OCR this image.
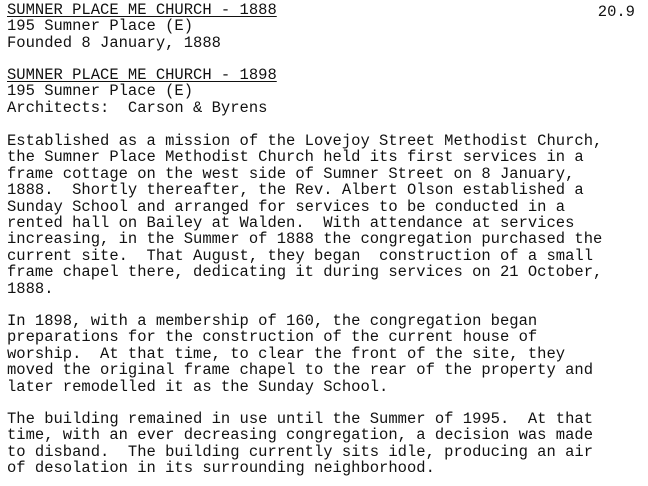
20.9
SUMNER PLACE ME CHURCH - 1888
195 Sumner Place (E)
Founded 8 January, 1888
SUMNER PLACE ME CHURCH - 1898
195 Sumner Place (E)
Architects:  Carson & Byrens
Established as a mission of the Lovejoy Street Methodist Church,
the Sumner Place Methodist Church held its first services in a
frame cottage on the west side of Sumner Street on 8 January,
1888.  Shortly thereafter, the Rev. Albert Olson established a
Sunday School and arranged for services to be conducted in a
rented hall on Bailey at Walden.  With attendance at services
increasing, in the Summer of 1888 the congregation purchased the
current site.  That August, they began  construction of a small
frame chapel there, dedicating it during services on 21 October,
1888.
In 1898, with a membership of 160, the congregation began
preparations for the construction of the current house of
worship.  At that time, to clear the front of the site, they
moved the original frame chapel to the rear of the property and
later remodelled it as the Sunday School.
The building remained in use until the Summer of 1995.  At that
time, with an ever decreasing congregation, a decision was made
to disband.  The building currently sits idle, producing an air
of desolation in its surrounding neighborhood.
